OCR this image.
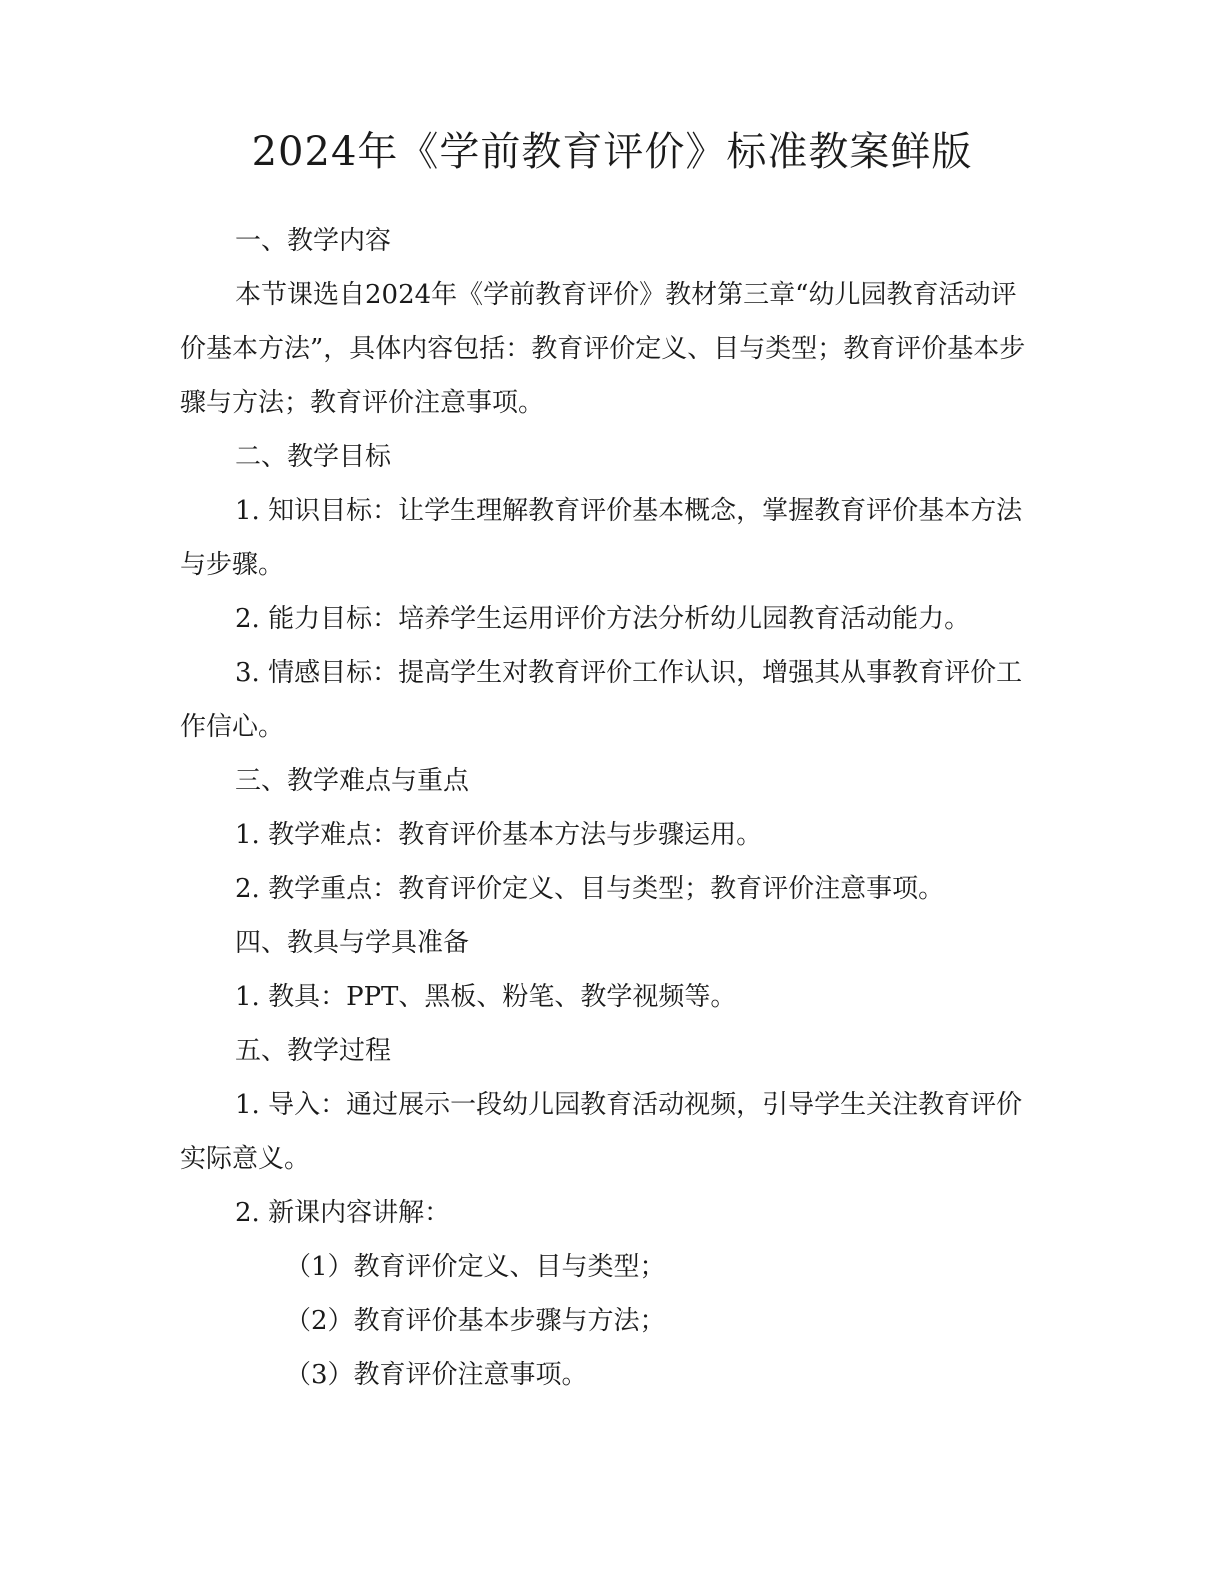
2024年《学前教育评价》标准教案鲜版

一、教学内容

本节课选自2024年《学前教育评价》教材第三章“幼儿园教育活动评价基本方法”，具体内容包括：教育评价定义、目与类型；教育评价基本步骤与方法；教育评价注意事项。

二、教学目标

1. 知识目标：让学生理解教育评价基本概念，掌握教育评价基本方法与步骤。

2. 能力目标：培养学生运用评价方法分析幼儿园教育活动能力。

3. 情感目标：提高学生对教育评价工作认识，增强其从事教育评价工作信心。

三、教学难点与重点

1. 教学难点：教育评价基本方法与步骤运用。

2. 教学重点：教育评价定义、目与类型；教育评价注意事项。

四、教具与学具准备

1. 教具：PPT、黑板、粉笔、教学视频等。

五、教学过程

1. 导入：通过展示一段幼儿园教育活动视频，引导学生关注教育评价实际意义。

2. 新课内容讲解：

（1）教育评价定义、目与类型；

（2）教育评价基本步骤与方法；

（3）教育评价注意事项。
